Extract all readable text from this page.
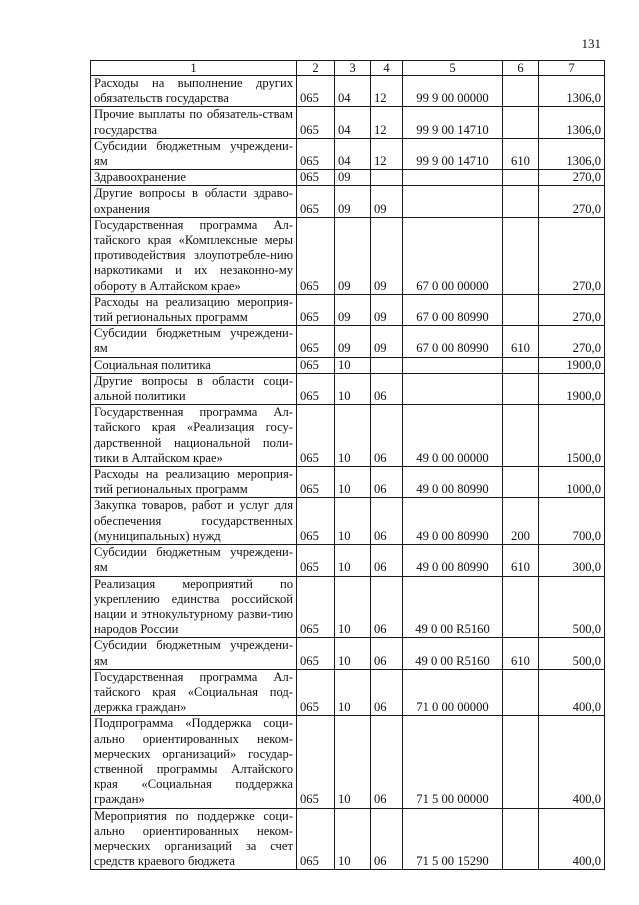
131
1	2	3	4	5	6	7
Расходы на выполнение других обязательств государства	065	04	12	99 9 00 00000		1306,0
Прочие выплаты по обязатель-ствам государства	065	04	12	99 9 00 14710		1306,0
Субсидии бюджетным учреждени-ям	065	04	12	99 9 00 14710	610	1306,0
Здравоохранение	065	09				270,0
Другие вопросы в области здраво-охранения	065	09	09			270,0
Государственная программа Ал-тайского края «Комплексные меры противодействия злоупотребле-нию наркотиками и их незаконно-му обороту в Алтайском крае»	065	09	09	67 0 00 00000		270,0
Расходы на реализацию мероприя-тий региональных программ	065	09	09	67 0 00 80990		270,0
Субсидии бюджетным учреждени-ям	065	09	09	67 0 00 80990	610	270,0
Социальная политика	065	10				1900,0
Другие вопросы в области соци-альной политики	065	10	06			1900,0
Государственная программа Ал-тайского края «Реализация госу-дарственной национальной поли-тики в Алтайском крае»	065	10	06	49 0 00 00000		1500,0
Расходы на реализацию мероприя-тий региональных программ	065	10	06	49 0 00 80990		1000,0
Закупка товаров, работ и услуг для обеспечения государственных (муниципальных) нужд	065	10	06	49 0 00 80990	200	700,0
Субсидии бюджетным учреждени-ям	065	10	06	49 0 00 80990	610	300,0
Реализация мероприятий по укреплению единства российской нации и этнокультурному разви-тию народов России	065	10	06	49 0 00 R5160		500,0
Субсидии бюджетным учреждени-ям	065	10	06	49 0 00 R5160	610	500,0
Государственная программа Ал-тайского края «Социальная под-держка граждан»	065	10	06	71 0 00 00000		400,0
Подпрограмма «Поддержка соци-ально ориентированных неком-мерческих организаций» государ-ственной программы Алтайского края «Социальная поддержка граждан»	065	10	06	71 5 00 00000		400,0
Мероприятия по поддержке соци-ально ориентированных неком-мерческих организаций за счет средств краевого бюджета	065	10	06	71 5 00 15290		400,0
